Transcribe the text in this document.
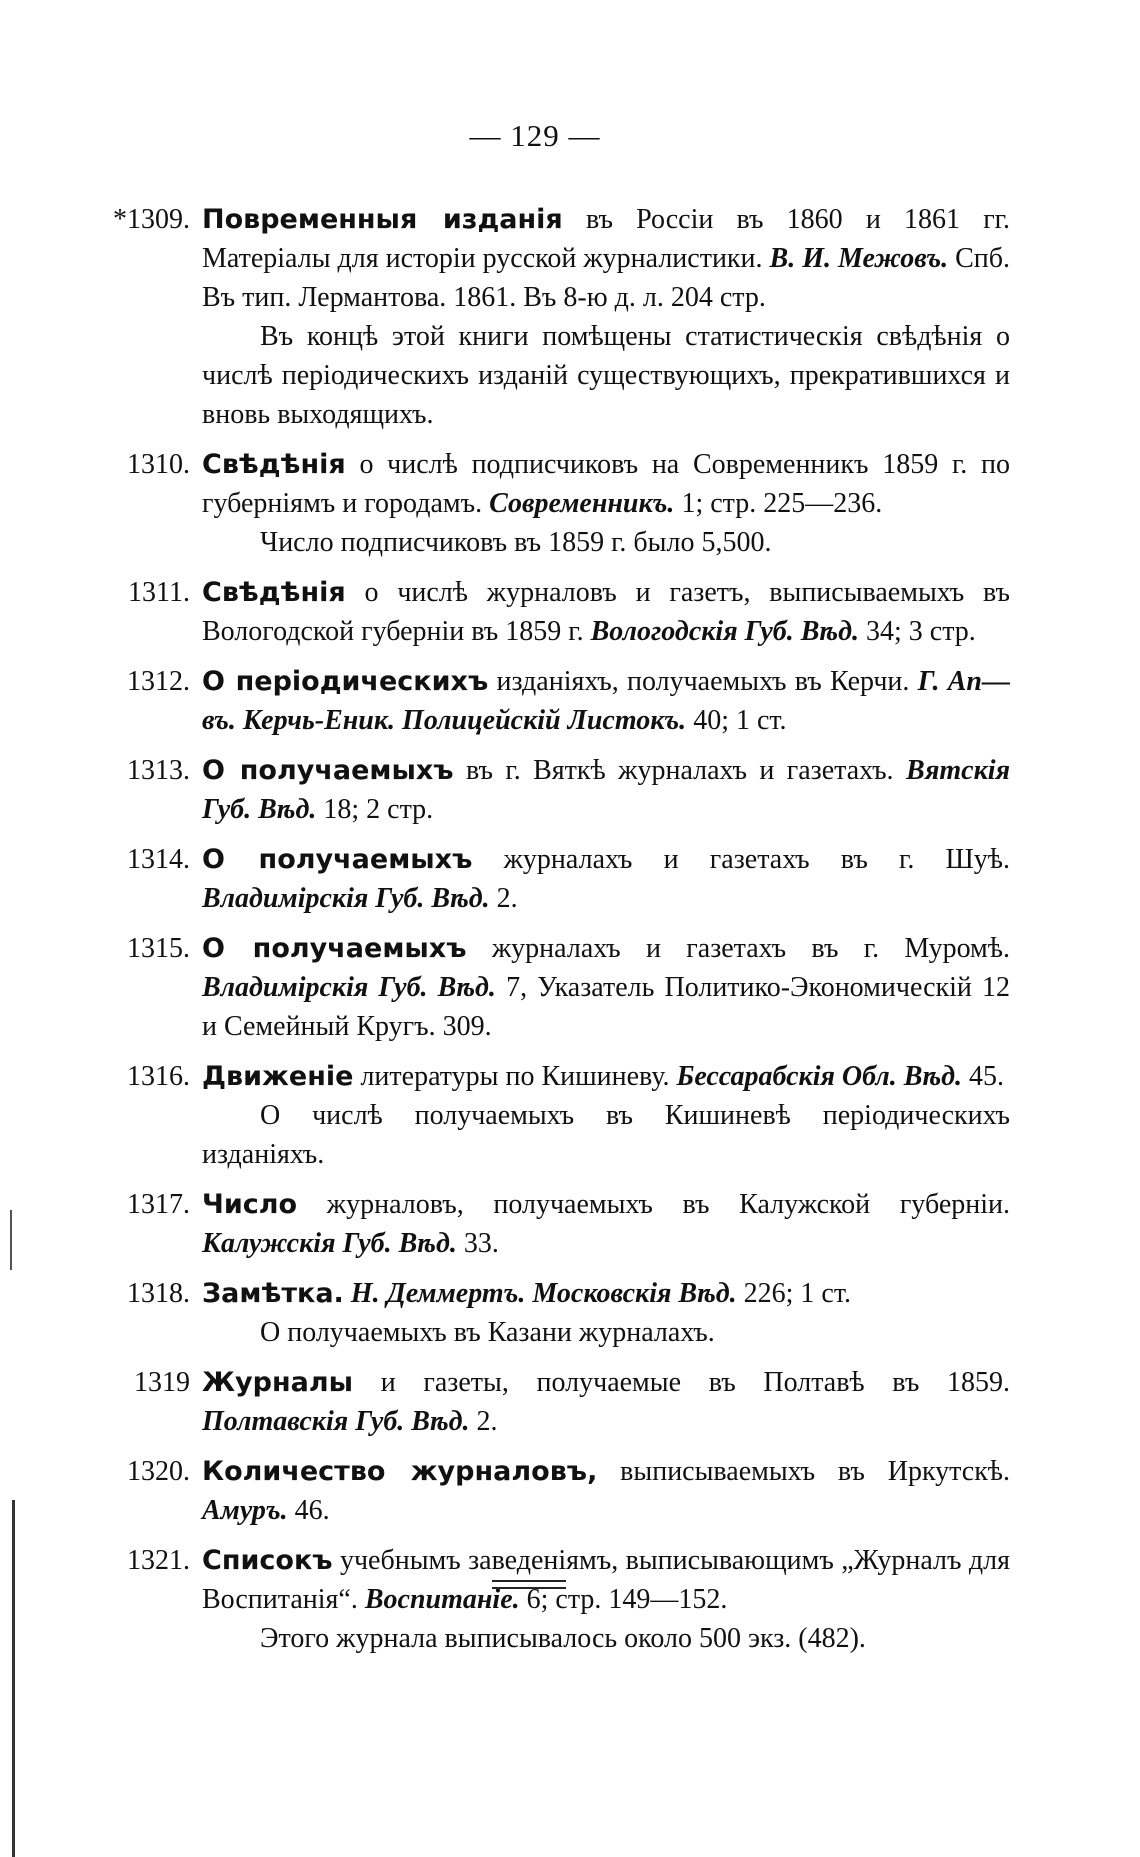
— 129 —
*1309. Повременныя изданія въ Россіи въ 1860 и 1861 гг. Матеріалы для исторіи русской журналистики. В. И. Межовъ. Спб. Въ тип. Лермантова. 1861. Въ 8-ю д. л. 204 стр.
Въ концѣ этой книги помѣщены статистическія свѣдѣнія о числѣ періодическихъ изданій существующихъ, прекратившихся и вновь выходящихъ.
1310. Свѣдѣнія о числѣ подписчиковъ на Современникъ 1859 г. по губерніямъ и городамъ. Современникъ. 1; стр. 225—236.
Число подписчиковъ въ 1859 г. было 5,500.
1311. Свѣдѣнія о числѣ журналовъ и газетъ, выписываемыхъ въ Вологодской губерніи въ 1859 г. Вологодскія Губ. Вѣд. 34; 3 стр.
1312. О періодическихъ изданіяхъ, получаемыхъ въ Керчи. Г. Ап—въ. Керчь-Еник. Полицейскій Листокъ. 40; 1 ст.
1313. О получаемыхъ въ г. Вяткѣ журналахъ и газетахъ. Вятскія Губ. Вѣд. 18; 2 стр.
1314. О получаемыхъ журналахъ и газетахъ въ г. Шуѣ. Владимірскія Губ. Вѣд. 2.
1315. О получаемыхъ журналахъ и газетахъ въ г. Муромѣ. Владимірскія Губ. Вѣд. 7, Указатель Политико-Экономическій 12 и Семейный Кругъ. 309.
1316. Движеніе литературы по Кишиневу. Бессарабскія Обл. Вѣд. 45.
О числѣ получаемыхъ въ Кишиневѣ періодическихъ изданіяхъ.
1317. Число журналовъ, получаемыхъ въ Калужской губерніи. Калужскія Губ. Вѣд. 33.
1318. Замѣтка. Н. Деммертъ. Московскія Вѣд. 226; 1 ст.
О получаемыхъ въ Казани журналахъ.
1319 Журналы и газеты, получаемые въ Полтавѣ въ 1859. Полтавскія Губ. Вѣд. 2.
1320. Количество журналовъ, выписываемыхъ въ Иркутскѣ. Амуръ. 46.
1321. Списокъ учебнымъ заведеніямъ, выписывающимъ „Журналъ для Воспитанія“. Воспитаніе. 6; стр. 149—152.
Этого журнала выписывалось около 500 экз. (482).
